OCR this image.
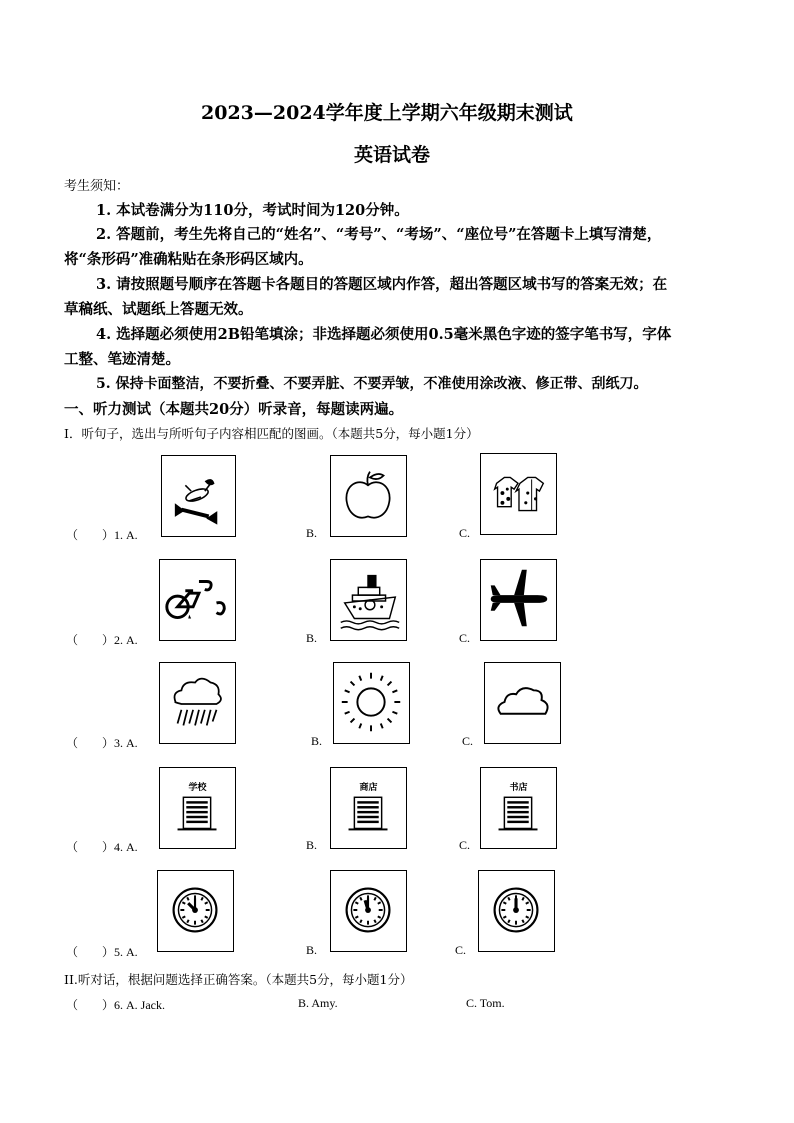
2023—2024学年度上学期六年级期末测试
英语试卷
考生须知：
1. 本试卷满分为110分，考试时间为120分钟。
2. 答题前，考生先将自己的“姓名”、“考号”、“考场”、“座位号”在答题卡上填写清楚，
将“条形码”准确粘贴在条形码区域内。
3. 请按照题号顺序在答题卡各题目的答题区域内作答，超出答题区域书写的答案无效；在
草稿纸、试题纸上答题无效。
4. 选择题必须使用2B铅笔填涂；非选择题必须使用0.5毫米黑色字迹的签字笔书写，字体
工整、笔迹清楚。
5. 保持卡面整洁，不要折叠、不要弄脏、不要弄皱，不准使用涂改液、修正带、刮纸刀。
一、听力测试（本题共20分）听录音，每题读两遍。
I．听句子，选出与所听句子内容相匹配的图画。（本题共5分，每小题1分）
（　　）1. A.	B.	C.
（　　）2. A.	B.	C.
（　　）3. A.	B.	C.
（　　）4. A.
学校
B.
商店
C.
书店
（　　）5. A.	B.	C.
II.听对话，根据问题选择正确答案。（本题共5分，每小题1分）
（　　）6. A. Jack.	B. Amy.	C. Tom.
